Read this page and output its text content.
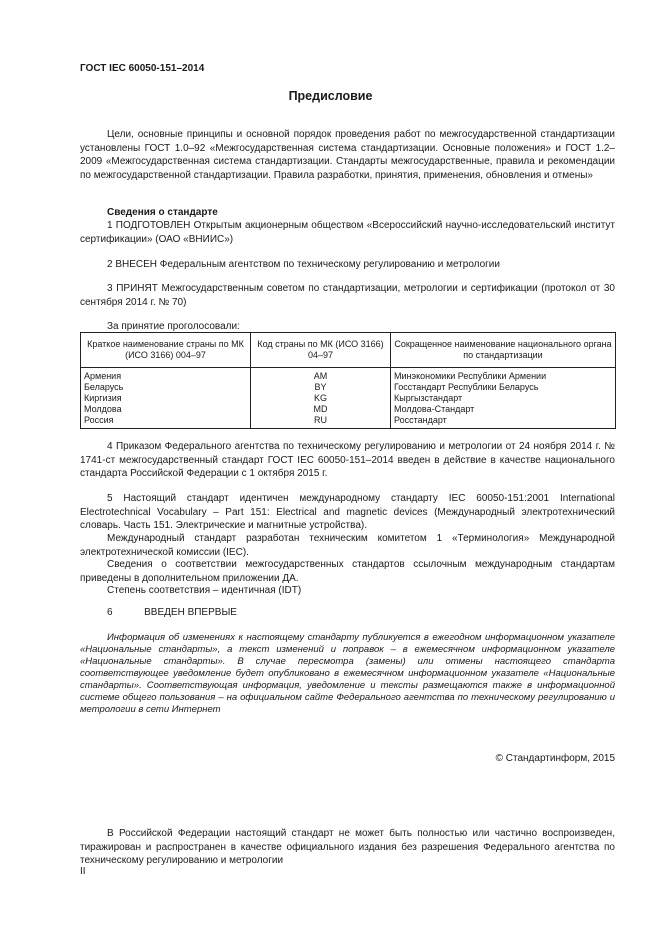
ГОСТ IEC 60050-151–2014
Предисловие

Цели, основные принципы и основной порядок проведения работ по межгосударственной стандартизации установлены ГОСТ 1.0–92 «Межгосударственная система стандартизации. Основные положения» и ГОСТ 1.2–2009 «Межгосударственная система стандартизации. Стандарты межгосударственные, правила и рекомендации по межгосударственной стандартизации. Правила разработки, принятия, применения, обновления и отмены»

Сведения о стандарте

1 ПОДГОТОВЛЕН Открытым акционерным обществом «Всероссийский научно-исследовательский институт сертификации» (ОАО «ВНИИС»)

2 ВНЕСЕН Федеральным агентством по техническому регулированию и метрологии

3 ПРИНЯТ Межгосударственным советом по стандартизации, метрологии и сертификации (протокол от 30 сентября 2014 г. № 70)

За принятие проголосовали:

Краткое наименование страны по МК (ИСО 3166) 004–97	Код страны по МК (ИСО 3166) 04–97	Сокращенное наименование национального органа по стандартизации
Армения	AM	Минэкономики Республики Армении
Беларусь	BY	Госстандарт Республики Беларусь
Киргизия	KG	Кыргызстандарт
Молдова	MD	Молдова-Стандарт
Россия	RU	Росстандарт

4 Приказом Федерального агентства по техническому регулированию и метрологии от 24 ноября 2014 г. № 1741-ст межгосударственный стандарт ГОСТ IEC 60050-151–2014 введен в действие в качестве национального стандарта Российской Федерации с 1 октября 2015 г.

5 Настоящий стандарт идентичен международному стандарту IEC 60050-151:2001 International Electrotechnical Vocabulary – Part 151: Electrical and magnetic devices (Международный электротехнический словарь. Часть 151. Электрические и магнитные устройства).

Международный стандарт разработан техническим комитетом 1 «Терминология» Международной электротехнической комиссии (IEC).

Сведения о соответствии межгосударственных стандартов ссылочным международным стандартам приведены в дополнительном приложении ДА.

Степень соответствия – идентичная (IDT)

6	ВВЕДЕН ВПЕРВЫЕ

Информация об изменениях к настоящему стандарту публикуется в ежегодном информационном указателе «Национальные стандарты», а текст изменений и поправок – в ежемесячном информационном указателе «Национальные стандарты». В случае пересмотра (замены) или отмены настоящего стандарта соответствующее уведомление будет опубликовано в ежемесячном информационном указателе «Национальные стандарты». Соответствующая информация, уведомление и тексты размещаются также в информационной системе общего пользования – на официальном сайте Федерального агентства по техническому регулированию и метрологии в сети Интернет

© Стандартинформ, 2015

В Российской Федерации настоящий стандарт не может быть полностью или частично воспроизведен, тиражирован и распространен в качестве официального издания без разрешения Федерального агентства по техническому регулированию и метрологии

II
